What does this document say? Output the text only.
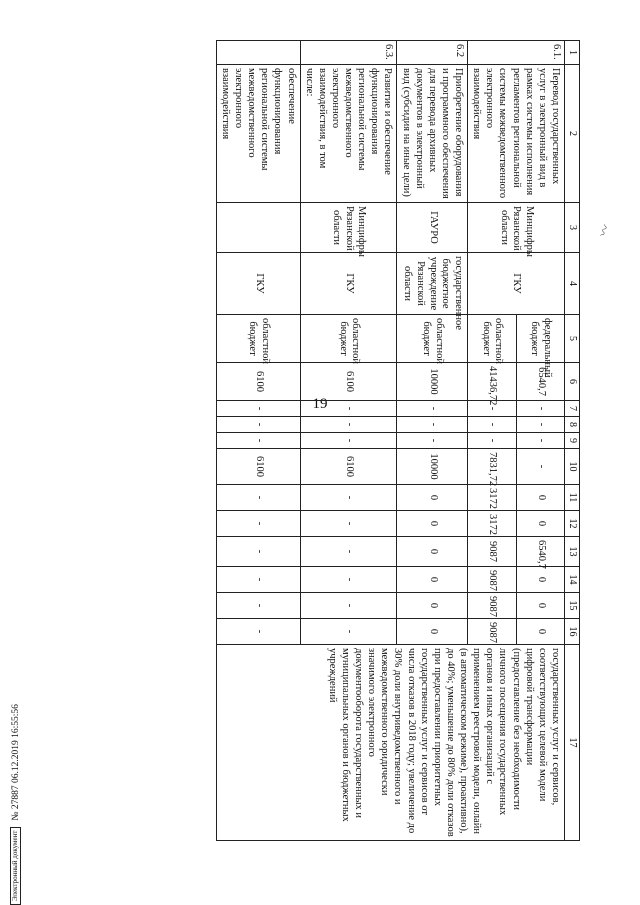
19
1	2	3	4	5	6	7	8	9	10	11	12	13	14	15	16	17
6.1.	Перевод государственных услуг в электронный вид в рамках системы исполнения регламентов региональной системы межведомственного электронного взаимодействия	Минцифры Рязанской области	ГКУ	федеральный бюджет	6540,7	-	-	-	-	0	0	6540,7	0	0	0	государственных услуг и сервисов, соответствующих целевой модели цифровой трансформации (предоставление без необходимости личного посещения государственных органов и иных организаций с применением реестровой модели, онлайн (в автоматическом режиме), проактивно), до 40%; уменьшение до 80% доли отказов при предоставлении приоритетных государственных услуг и сервисов от числа отказов в 2018 году; увеличение до 30% доли внутриведомственного и межведомственного юридически значимого электронного документооборота государственных и муниципальных органов и бюджетных учреждений
				областной бюджет	41436,72	-	-	-	7831,72	3172	3172	9087	9087	9087	9087	
6.2	Приобретение оборудования и программного обеспечения для перевода архивных документов в электронный вид (субсидия на иные цели)	ГАУРО	государственное бюджетное учреждение Рязанской области	областной бюджет	10000	-	-	-	10000	0	0	0	0	0	0	
6.3.	Развитие и обеспечение функционирования региональной системы межведомственного электронного взаимодействия, в том числе:	Минцифры Рязанской области	ГКУ	областной бюджет	6100	-	-	-	6100	-	-	-	-	-	-	
	обеспечение функционирования региональной системы межведомственного электронного взаимодействия		ГКУ	областной бюджет	6100	-	-	-	6100	-	-	-	-	-	-	
Электронный документ
№ 27887 06.12.2019 16:55:56
〰
